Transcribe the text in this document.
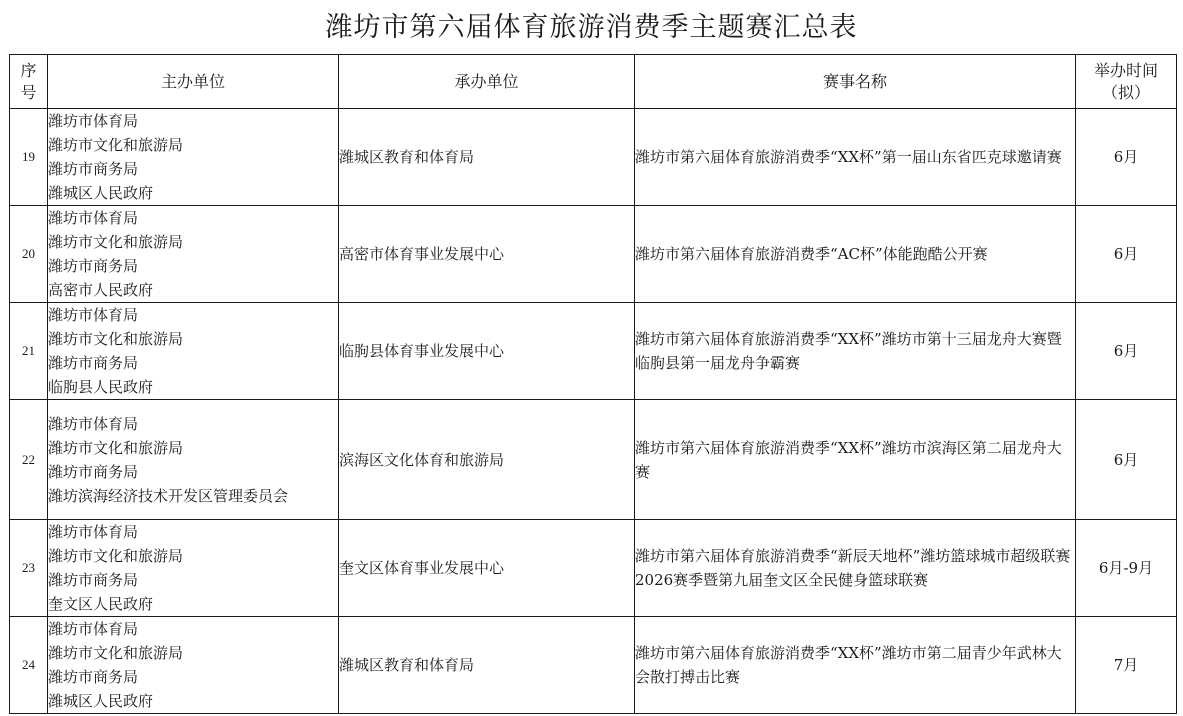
潍坊市第六届体育旅游消费季主题赛汇总表
序
号	主办单位	承办单位	赛事名称	举办时间
（拟）

19	潍坊市体育局
潍坊市文化和旅游局
潍坊市商务局
潍城区人民政府	潍城区教育和体育局	潍坊市第六届体育旅游消费季“XX杯”第一届山东省匹克球邀请赛	6月
20	潍坊市体育局
潍坊市文化和旅游局
潍坊市商务局
高密市人民政府	高密市体育事业发展中心	潍坊市第六届体育旅游消费季“AC杯”体能跑酷公开赛	6月
21	潍坊市体育局
潍坊市文化和旅游局
潍坊市商务局
临朐县人民政府	临朐县体育事业发展中心	潍坊市第六届体育旅游消费季“XX杯”潍坊市第十三届龙舟大赛暨临朐县第一届龙舟争霸赛	6月
22	潍坊市体育局
潍坊市文化和旅游局
潍坊市商务局
潍坊滨海经济技术开发区管理委员会	滨海区文化体育和旅游局	潍坊市第六届体育旅游消费季“XX杯”潍坊市滨海区第二届龙舟大赛	6月
23	潍坊市体育局
潍坊市文化和旅游局
潍坊市商务局
奎文区人民政府	奎文区体育事业发展中心	潍坊市第六届体育旅游消费季“新辰天地杯”潍坊篮球城市超级联赛2026赛季暨第九届奎文区全民健身篮球联赛	6月-9月
24	潍坊市体育局
潍坊市文化和旅游局
潍坊市商务局
潍城区人民政府	潍城区教育和体育局	潍坊市第六届体育旅游消费季“XX杯”潍坊市第二届青少年武林大会散打搏击比赛	7月
